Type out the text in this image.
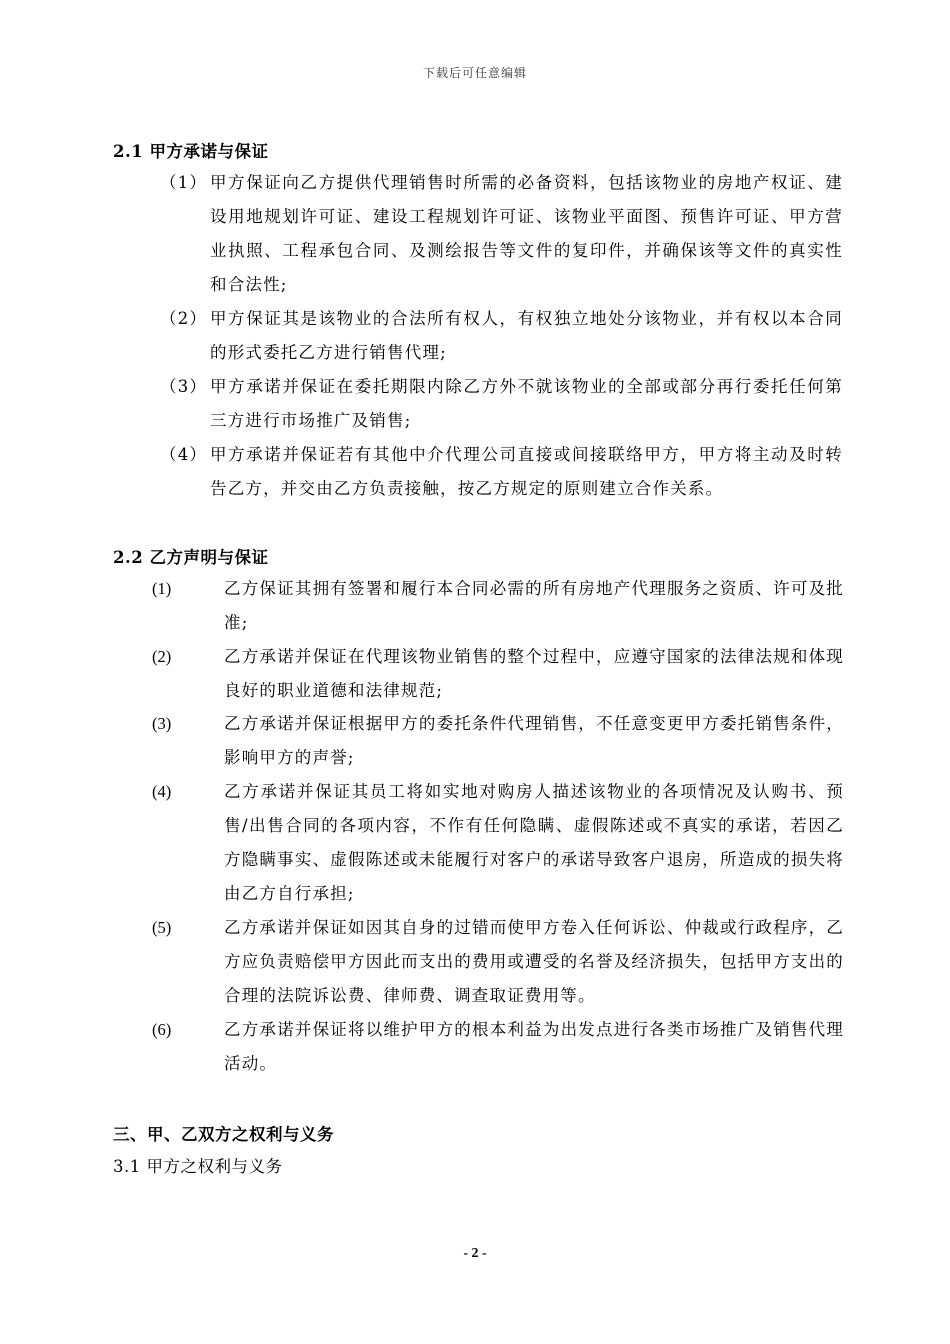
下载后可任意编辑
2.1 甲方承诺与保证
（1） 甲方保证向乙方提供代理销售时所需的必备资料，包括该物业的房地产权证、建设用地规划许可证、建设工程规划许可证、该物业平面图、预售许可证、甲方营业执照、工程承包合同、及测绘报告等文件的复印件，并确保该等文件的真实性和合法性;
（2） 甲方保证其是该物业的合法所有权人，有权独立地处分该物业，并有权以本合同的形式委托乙方进行销售代理;
（3） 甲方承诺并保证在委托期限内除乙方外不就该物业的全部或部分再行委托任何第三方进行市场推广及销售;
（4） 甲方承诺并保证若有其他中介代理公司直接或间接联络甲方，甲方将主动及时转告乙方，并交由乙方负责接触，按乙方规定的原则建立合作关系。
2.2 乙方声明与保证
(1)	乙方保证其拥有签署和履行本合同必需的所有房地产代理服务之资质、许可及批准;
(2)	乙方承诺并保证在代理该物业销售的整个过程中，应遵守国家的法律法规和体现良好的职业道德和法律规范;
(3)	乙方承诺并保证根据甲方的委托条件代理销售，不任意变更甲方委托销售条件，影响甲方的声誉;
(4)	乙方承诺并保证其员工将如实地对购房人描述该物业的各项情况及认购书、预售/出售合同的各项内容，不作有任何隐瞒、虚假陈述或不真实的承诺，若因乙方隐瞒事实、虚假陈述或未能履行对客户的承诺导致客户退房，所造成的损失将由乙方自行承担;
(5)	乙方承诺并保证如因其自身的过错而使甲方卷入任何诉讼、仲裁或行政程序，乙方应负责赔偿甲方因此而支出的费用或遭受的名誉及经济损失，包括甲方支出的合理的法院诉讼费、律师费、调查取证费用等。
(6)	乙方承诺并保证将以维护甲方的根本利益为出发点进行各类市场推广及销售代理活动。
三、甲、乙双方之权利与义务
3.1 甲方之权利与义务
- 2 -
